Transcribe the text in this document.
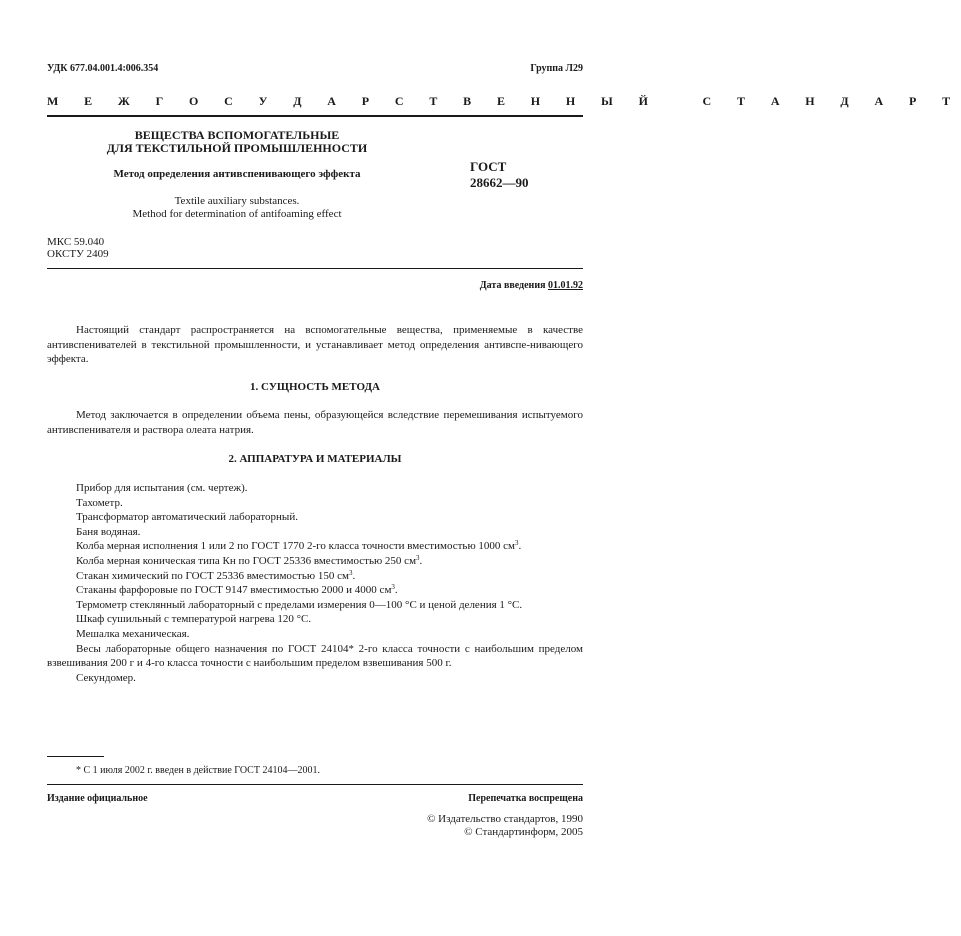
УДК 677.04.001.4:006.354	Группа Л29
М Е Ж Г О С У Д А Р С Т В Е Н Н Ы Й   С Т А Н Д А Р Т
ВЕЩЕСТВА ВСПОМОГАТЕЛЬНЫЕ
ДЛЯ ТЕКСТИЛЬНОЙ ПРОМЫШЛЕННОСТИ
Метод определения антивспенивающего эффекта
Textile auxiliary substances.
Method for determination of antifoaming effect
ГОСТ
28662—90
МКС 59.040
ОКСТУ 2409
Дата введения 01.01.92

Настоящий стандарт распространяется на вспомогательные вещества, применяемые в качестве антивспенивателей в текстильной промышленности, и устанавливает метод определения антивспе-нивающего эффекта.

1. СУЩНОСТЬ МЕТОДА

Метод заключается в определении объема пены, образующейся вследствие перемешивания испытуемого антивспенивателя и раствора олеата натрия.

2. АППАРАТУРА И МАТЕРИАЛЫ
Прибор для испытания (см. чертеж).
Тахометр.
Трансформатор автоматический лабораторный.
Баня водяная.
Колба мерная исполнения 1 или 2 по ГОСТ 1770 2-го класса точности вместимостью 1000 $см^3$.
Колба мерная коническая типа Кн по ГОСТ 25336 вместимостью 250 $см^3$.
Стакан химический по ГОСТ 25336 вместимостью 150 $см^3$.
Стаканы фарфоровые по ГОСТ 9147 вместимостью 2000 и 4000 $см^3$.
Термометр стеклянный лабораторный с пределами измерения 0—100 °С и ценой деления 1 °С.
Шкаф сушильный с температурой нагрева 120 °С.
Мешалка механическая.
Весы лабораторные общего назначения по ГОСТ 24104* 2-го класса точности с наибольшим пределом взвешивания 200 г и 4-го класса точности с наибольшим пределом взвешивания 500 г.
Секундомер.
* С 1 июля 2002 г. введен в действие ГОСТ 24104—2001.
Издание официальное	Перепечатка воспрещена
© Издательство стандартов, 1990
© Стандартинформ, 2005
